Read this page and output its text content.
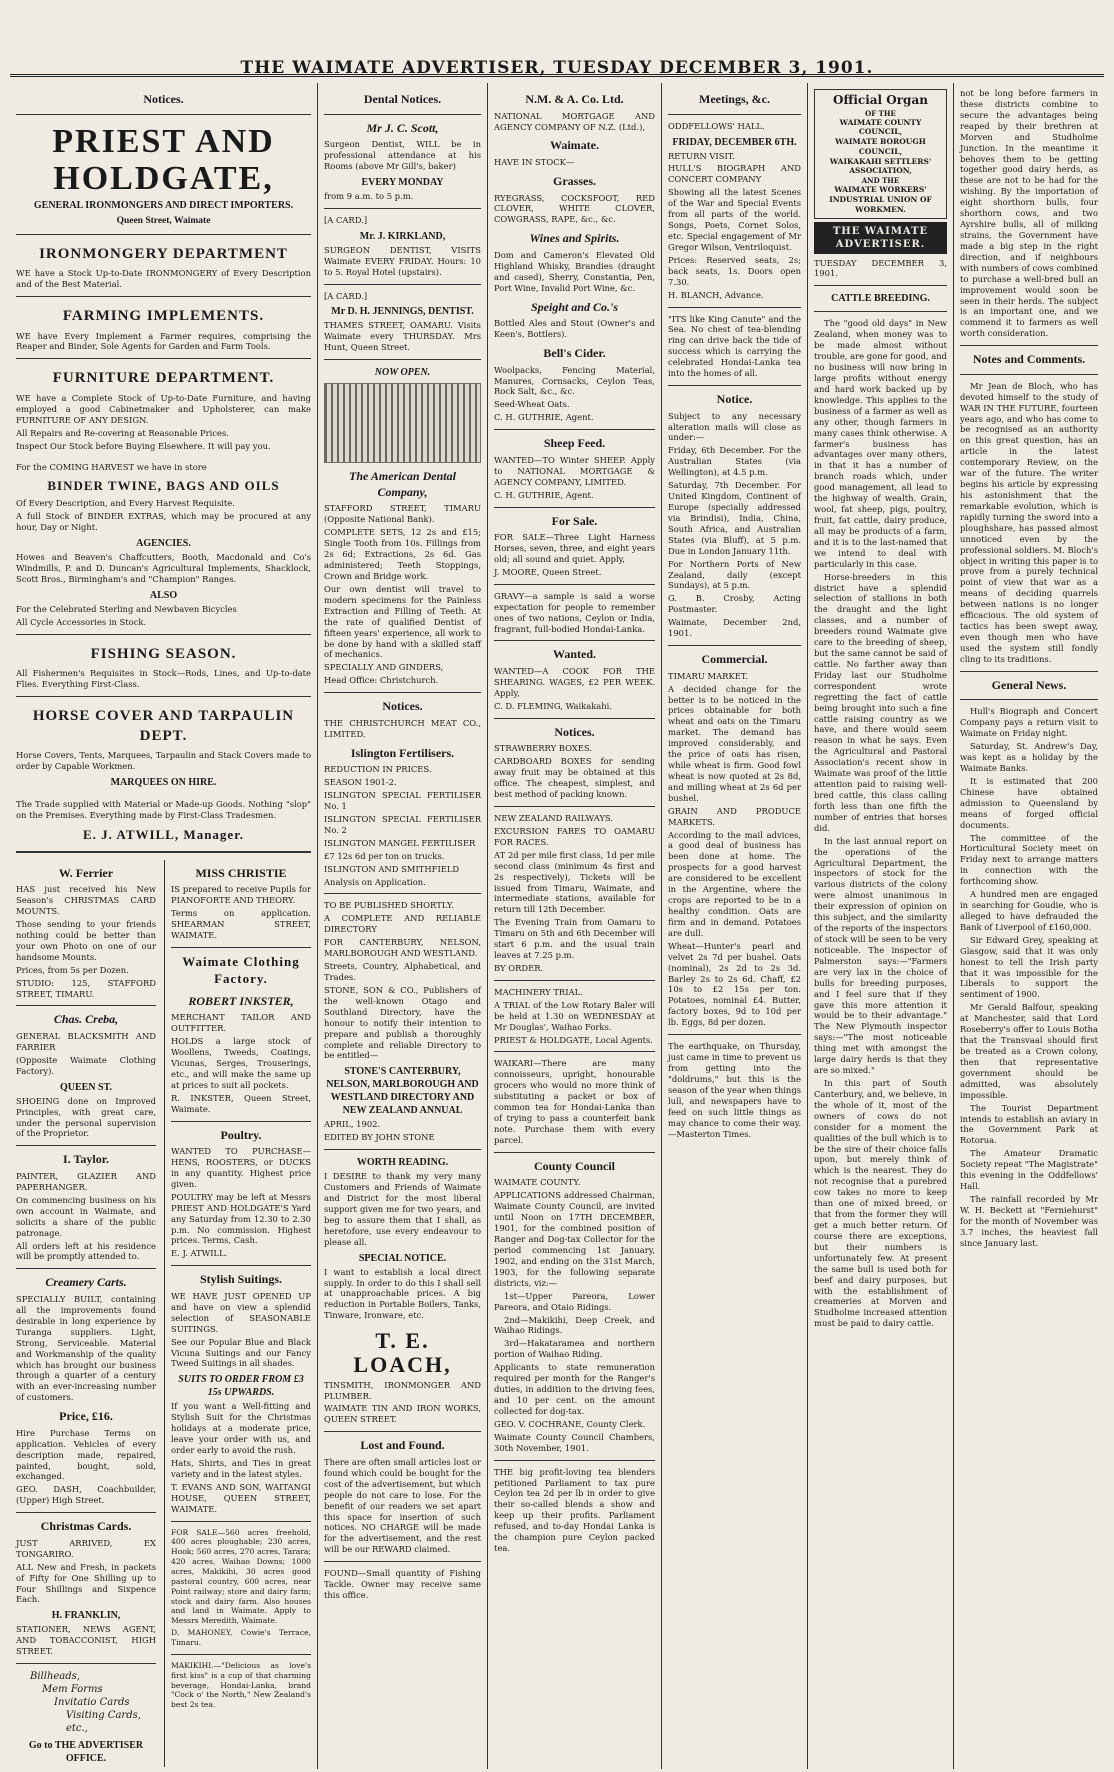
THE WAIMATE ADVERTISER, TUESDAY DECEMBER 3, 1901.
Notices.
PRIEST AND HOLDGATE,
GENERAL IRONMONGERS AND DIRECT IMPORTERS.
Queen Street, Waimate
IRONMONGERY DEPARTMENT
WE have a Stock Up-to-Date IRONMONGERY of Every Description and of the Best Material.
FARMING IMPLEMENTS.
WE have Every Implement a Farmer requires, comprising the Reaper and Binder, Sole Agents for Garden and Farm Tools.
FURNITURE DEPARTMENT.
WE have a Complete Stock of Up-to-Date Furniture, and having employed a good Cabinetmaker and Upholsterer, can make FURNITURE OF ANY DESIGN.
All Repairs and Re-covering at Reasonable Prices.
Inspect Our Stock before Buying Elsewhere. It will pay you.
For the COMING HARVEST we have in store
BINDER TWINE, BAGS AND OILS
Of Every Description, and Every Harvest Requisite.
A full Stock of BINDER EXTRAS, which may be procured at any hour, Day or Night.
AGENCIES.
Howes and Beaven's Chaffcutters, Booth, Macdonald and Co's Windmills, P. and D. Duncan's Agricultural Implements, Shacklock, Scott Bros., Birmingham's and "Champion" Ranges.
ALSO
For the Celebrated Sterling and Newbaven Bicycles
All Cycle Accessories in Stock.
FISHING SEASON.
All Fishermen's Requisites in Stock—Rods, Lines, and Up-to-date Flies. Everything First-Class.
HORSE COVER AND TARPAULIN DEPT.
Horse Covers, Tents, Marquees, Tarpaulin and Stack Covers made to order by Capable Workmen.
MARQUEES ON HIRE.
The Trade supplied with Material or Made-up Goods. Nothing "slop" on the Premises. Everything made by First-Class Tradesmen.
E. J. ATWILL, Manager.
W. Ferrier
HAS just received his New Season's CHRISTMAS CARD MOUNTS.
Those sending to your friends nothing could be better than your own Photo on one of our handsome Mounts.
Prices, from 5s per Dozen.
STUDIO: 125, STAFFORD STREET, TIMARU.
Chas. Creba,
GENERAL BLACKSMITH AND FARRIER
(Opposite Waimate Clothing Factory).
QUEEN ST.
SHOEING done on Improved Principles, with great care, under the personal supervision of the Proprietor.
I. Taylor.
PAINTER, GLAZIER AND PAPERHANGER.
On commencing business on his own account in Waimate, and solicits a share of the public patronage.
All orders left at his residence will be promptly attended to.
Creamery Carts.
SPECIALLY BUILT, containing all the improvements found desirable in long experience by Turanga suppliers. Light, Strong, Serviceable. Material and Workmanship of the quality which has brought our business through a quarter of a century with an ever-increasing number of customers.
Price, £16.
Hire Purchase Terms on application. Vehicles of every description made, repaired, painted, bought, sold, exchanged.
GEO. DASH, Coachbuilder, (Upper) High Street.
Christmas Cards.
JUST ARRIVED, EX TONGARIRO.
ALL New and Fresh, in packets of Fifty for One Shilling up to Four Shillings and Sixpence Each.
H. FRANKLIN,
STATIONER, NEWS AGENT, AND TOBACCONIST, HIGH STREET.
Billheads,
Mem Forms
Invitatio Cards
Visiting Cards, etc.,
Go to THE ADVERTISER OFFICE.
MISS CHRISTIE
IS prepared to receive Pupils for PIANOFORTE AND THEORY.
Terms on application. SHEARMAN STREET, WAIMATE.
Waimate Clothing Factory.
ROBERT INKSTER,
MERCHANT TAILOR AND OUTFITTER.
HOLDS a large stock of Woollens, Tweeds, Coatings, Vicunas, Serges, Trouserings, etc., and will make the same up at prices to suit all pockets.
R. INKSTER, Queen Street, Waimate.
Poultry.
WANTED TO PURCHASE—HENS, ROOSTERS, or DUCKS in any quantity. Highest price given.
POULTRY may be left at Messrs PRIEST AND HOLDGATE'S Yard any Saturday from 12.30 to 2.30 p.m. No commission. Highest prices. Terms, Cash.
E. J. ATWILL.
Stylish Suitings.
WE HAVE JUST OPENED UP and have on view a splendid selection of SEASONABLE SUITINGS.
See our Popular Blue and Black Vicuna Suitings and our Fancy Tweed Suitings in all shades.
SUITS TO ORDER FROM £3 15s UPWARDS.
If you want a Well-fitting and Stylish Suit for the Christmas holidays at a moderate price, leave your order with us, and order early to avoid the rush.
Hats, Shirts, and Ties in great variety and in the latest styles.
T. EVANS AND SON, WAITANGI HOUSE, QUEEN STREET, WAIMATE.
FOR SALE—560 acres freehold, 400 acres ploughable; 230 acres, Hook; 560 acres, 270 acres, Tarara; 420 acres, Waihao Downs; 1000 acres, Makikihi, 30 acres good pastoral country, 600 acres, near Point railway; store and dairy farm; stock and dairy farm. Also houses and land in Waimate. Apply to Messrs Meredith, Waimate.
D. MAHONEY, Cowie's Terrace, Timaru.
MAKIKIHI.—"Delicious as love's first kiss" is a cup of that charming beverage, Hondai-Lanka, brand "Cock o' the North," New Zealand's best 2s tea.
Dental Notices.
Mr J. C. Scott,
Surgeon Dentist, WILL be in professional attendance at his Rooms (above Mr Gill's, baker)
EVERY MONDAY
from 9 a.m. to 5 p.m.
[A CARD.]
Mr. J. KIRKLAND,
SURGEON DENTIST, VISITS Waimate EVERY FRIDAY. Hours: 10 to 5. Royal Hotel (upstairs).
[A CARD.]
Mr D. H. JENNINGS, DENTIST.
THAMES STREET, OAMARU. Visits Waimate every THURSDAY. Mrs Hunt, Queen Street.
NOW OPEN.
The American Dental Company,
STAFFORD STREET, TIMARU (Opposite National Bank).
COMPLETE SETS, 12 2s and £15; Single Tooth from 10s. Fillings from 2s 6d; Extractions, 2s 6d. Gas administered; Teeth Stoppings, Crown and Bridge work.
Our own dentist will travel to modern specimens for the Painless Extraction and Filling of Teeth. At the rate of qualified Dentist of fifteen years' experience, all work to be done by hand with a skilled staff of mechanics.
SPECIALLY AND GINDERS,
Head Office: Christchurch.
Notices.
THE CHRISTCHURCH MEAT CO., LIMITED.
Islington Fertilisers.
REDUCTION IN PRICES.
SEASON 1901-2.
ISLINGTON SPECIAL FERTILISER No. 1
ISLINGTON SPECIAL FERTILISER No. 2
ISLINGTON MANGEL FERTILISER
£7 12s 6d per ton on trucks.
ISLINGTON AND SMITHFIELD
Analysis on Application.
TO BE PUBLISHED SHORTLY.
A COMPLETE AND RELIABLE DIRECTORY
FOR CANTERBURY, NELSON, MARLBOROUGH AND WESTLAND.
Streets, Country, Alphabetical, and Trades.
STONE, SON & CO., Publishers of the well-known Otago and Southland Directory, have the honour to notify their intention to prepare and publish a thoroughly complete and reliable Directory to be entitled—
STONE'S CANTERBURY, NELSON, MARLBOROUGH AND WESTLAND DIRECTORY AND NEW ZEALAND ANNUAL
APRIL, 1902.
EDITED BY JOHN STONE
WORTH READING.
I DESIRE to thank my very many Customers and Friends of Waimate and District for the most liberal support given me for two years, and beg to assure them that I shall, as heretofore, use every endeavour to please all.
SPECIAL NOTICE.
I want to establish a local direct supply. In order to do this I shall sell at unapproachable prices. A big reduction in Portable Boilers, Tanks, Tinware, Ironware, etc.
T. E. LOACH,
TINSMITH, IRONMONGER AND PLUMBER.
WAIMATE TIN AND IRON WORKS, QUEEN STREET.
Lost and Found.
There are often small articles lost or found which could be bought for the cost of the advertisement, but which people do not care to lose. For the benefit of our readers we set apart this space for insertion of such notices. NO CHARGE will be made for the advertisement, and the rest will be our REWARD claimed.
FOUND—Small quantity of Fishing Tackle. Owner may receive same this office.
N.M. & A. Co. Ltd.
NATIONAL MORTGAGE AND AGENCY COMPANY OF N.Z. (Ltd.),
Waimate.
HAVE IN STOCK—
Grasses.
RYEGRASS, COCKSFOOT, RED CLOVER, WHITE CLOVER, COWGRASS, RAPE, &c., &c.
Wines and Spirits.
Dom and Cameron's Elevated Old Highland Whisky, Brandies (draught and cased), Sherry, Constantia, Pen, Port Wine, Invalid Port Wine, &c.
Speight and Co.'s
Bottled Ales and Stout (Owner's and Keen's, Bottlers).
Bell's Cider.
Woolpacks, Fencing Material, Manures, Cornsacks, Ceylon Teas, Rock Salt, &c., &c.
Seed-Wheat Oats.
C. H. GUTHRIE, Agent.
Sheep Feed.
WANTED—TO Winter SHEEP. Apply to NATIONAL MORTGAGE & AGENCY COMPANY, LIMITED.
C. H. GUTHRIE, Agent.
For Sale.
FOR SALE—Three Light Harness Horses, seven, three, and eight years old; all sound and quiet. Apply,
J. MOORE, Queen Street.
GRAVY—a sample is said a worse expectation for people to remember ones of two nations, Ceylon or India, fragrant, full-bodied Hondai-Lanka.
Wanted.
WANTED—A COOK FOR THE SHEARING. WAGES, £2 PER WEEK. Apply,
C. D. FLEMING, Waikakahi.
Notices.
STRAWBERRY BOXES.
CARDBOARD BOXES for sending away fruit may be obtained at this office. The cheapest, simplest, and best method of packing known.
NEW ZEALAND RAILWAYS.
EXCURSION FARES TO OAMARU FOR RACES.
AT 2d per mile first class, 1d per mile second class (minimum 4s first and 2s respectively), Tickets will be issued from Timaru, Waimate, and intermediate stations, available for return till 12th December.
The Evening Train from Oamaru to Timaru on 5th and 6th December will start 6 p.m. and the usual train leaves at 7.25 p.m.
BY ORDER.
MACHINERY TRIAL.
A TRIAL of the Low Rotary Baler will be held at 1.30 on WEDNESDAY at Mr Douglas', Waihao Forks.
PRIEST & HOLDGATE, Local Agents.
WAIKARI—There are many connoisseurs, upright, honourable grocers who would no more think of substituting a packet or box of common tea for Hondai-Lanka than of trying to pass a counterfeit bank note. Purchase them with every parcel.
County Council
WAIMATE COUNTY.
APPLICATIONS addressed Chairman, Waimate County Council, are invited until Noon on 17TH DECEMBER, 1901, for the combined position of Ranger and Dog-tax Collector for the period commencing 1st January, 1902, and ending on the 31st March, 1903, for the following separate districts, viz:—
1st—Upper Pareora, Lower Pareora, and Otaio Ridings.
2nd—Makikihi, Deep Creek, and Waihao Ridings.
3rd—Hakataramea and northern portion of Waihao Riding.
Applicants to state remuneration required per month for the Ranger's duties, in addition to the driving fees, and 10 per cent. on the amount collected for dog-tax.
GEO. V. COCHRANE, County Clerk.
Waimate County Council Chambers, 30th November, 1901.
THE big profit-loving tea blenders petitioned Parliament to tax pure Ceylon tea 2d per lb in order to give their so-called blends a show and keep up their profits. Parliament refused, and to-day Hondai Lanka is the champion pure Ceylon packed tea.
Meetings, &c.
ODDFELLOWS' HALL.
FRIDAY, DECEMBER 6TH.
RETURN VISIT.
HULL'S BIOGRAPH AND CONCERT COMPANY
Showing all the latest Scenes of the War and Special Events from all parts of the world. Songs, Poets, Cornet Solos, etc. Special engagement of Mr Gregor Wilson, Ventriloquist.
Prices: Reserved seats, 2s; back seats, 1s. Doors open 7.30.
H. BLANCH, Advance.
"ITS like King Canute" and the Sea. No chest of tea-blending ring can drive back the tide of success which is carrying the celebrated Hondai-Lanka tea into the homes of all.
Notice.
Subject to any necessary alteration mails will close as under:—
Friday, 6th December. For the Australian States (via Wellington), at 4.5 p.m.
Saturday, 7th December. For United Kingdom, Continent of Europe (specially addressed via Brindisi), India, China, South Africa, and Australian States (via Bluff), at 5 p.m. Due in London January 11th.
For Northern Ports of New Zealand, daily (except Sundays), at 5 p.m.
G. B. Crosby, Acting Postmaster.
Waimate, December 2nd, 1901.
Commercial.
TIMARU MARKET.
A decided change for the better is to be noticed in the prices obtainable for both wheat and oats on the Timaru market. The demand has improved considerably, and the price of oats has risen, while wheat is firm. Good fowl wheat is now quoted at 2s 8d, and milling wheat at 2s 6d per bushel.
GRAIN AND PRODUCE MARKETS.
According to the mail advices, a good deal of business has been done at home. The prospects for a good harvest are considered to be excellent in the Argentine, where the crops are reported to be in a healthy condition. Oats are firm and in demand. Potatoes are dull.
Wheat—Hunter's pearl and velvet 2s 7d per bushel. Oats (nominal), 2s 2d to 2s 3d. Barley 2s to 2s 6d. Chaff, £2 10s to £2 15s per ton. Potatoes, nominal £4. Butter, factory boxes, 9d to 10d per lb. Eggs, 8d per dozen.
The earthquake, on Thursday, just came in time to prevent us from getting into the "doldrums," but this is the season of the year when things lull, and newspapers have to feed on such little things as may chance to come their way.—Masterton Times.
Official Organ
OF THE
WAIMATE COUNTY COUNCIL,
WAIMATE BOROUGH COUNCIL,
WAIKAKAHI SETTLERS' ASSOCIATION,
AND THE
WAIMATE WORKERS' INDUSTRIAL UNION OF WORKMEN.
THE WAIMATE ADVERTISER.
TUESDAY DECEMBER 3, 1901.
CATTLE BREEDING.
The "good old days" in New Zealand, when money was to be made almost without trouble, are gone for good, and no business will now bring in large profits without energy and hard work backed up by knowledge. This applies to the business of a farmer as well as any other, though farmers in many cases think otherwise. A farmer's business has advantages over many others, in that it has a number of branch roads which, under good management, all lead to the highway of wealth. Grain, wool, fat sheep, pigs, poultry, fruit, fat cattle, dairy produce, all may be products of a farm, and it is to the last-named that we intend to deal with particularly in this case.
Horse-breeders in this district have a splendid selection of stallions in both the draught and the light classes, and a number of breeders round Waimate give care to the breeding of sheep, but the same cannot be said of cattle. No farther away than Friday last our Studholme correspondent wrote regretting the fact of cattle being brought into such a fine cattle raising country as we have, and there would seem reason in what he says. Even the Agricultural and Pastoral Association's recent show in Waimate was proof of the little attention paid to raising well-bred cattle, this class calling forth less than one fifth the number of entries that horses did.
In the last annual report on the operations of the Agricultural Department, the inspectors of stock for the various districts of the colony were almost unanimous in their expression of opinion on this subject, and the similarity of the reports of the inspectors of stock will be seen to be very noticeable. The inspector of Palmerston says:—"Farmers are very lax in the choice of bulls for breeding purposes, and I feel sure that if they gave this more attention it would be to their advantage." The New Plymouth inspector says:—"The most noticeable thing met with amongst the large dairy herds is that they are so mixed."
In this part of South Canterbury, and, we believe, in the whole of it, most of the owners of cows do not consider for a moment the qualities of the bull which is to be the sire of their choice falls upon, but merely think of which is the nearest. They do not recognise that a purebred cow takes no more to keep than one of mixed breed, or that from the former they will get a much better return. Of course there are exceptions, but their numbers is unfortunately few. At present the same bull is used both for beef and dairy purposes, but with the establishment of creameries at Morven and Studholme increased attention must be paid to dairy cattle.
not be long before farmers in these districts combine to secure the advantages being reaped by their brethren at Morven and Studholme Junction. In the meantime it behoves them to be getting together good dairy herds, as these are not to be had for the wishing. By the importation of eight shorthorn bulls, four shorthorn cows, and two Ayrshire bulls, all of milking strains, the Government have made a big step in the right direction, and if neighbours with numbers of cows combined to purchase a well-bred bull an improvement would soon be seen in their herds. The subject is an important one, and we commend it to farmers as well worth consideration.
Notes and Comments.
Mr Jean de Bloch, who has devoted himself to the study of WAR IN THE FUTURE, fourteen years ago, and who has come to be recognised as an authority on this great question, has an article in the latest contemporary Review, on the war of the future. The writer begins his article by expressing his astonishment that the remarkable evolution, which is rapidly turning the sword into a ploughshare, has passed almost unnoticed even by the professional soldiers. M. Bloch's object in writing this paper is to prove from a purely technical point of view that war as a means of deciding quarrels between nations is no longer efficacious. The old system of tactics has been swept away, even though men who have used the system still fondly cling to its traditions.
General News.
Hull's Biograph and Concert Company pays a return visit to Waimate on Friday night.
Saturday, St. Andrew's Day, was kept as a holiday by the Waimate Banks.
It is estimated that 200 Chinese have obtained admission to Queensland by means of forged official documents.
The committee of the Horticultural Society meet on Friday next to arrange matters in connection with the forthcoming show.
A hundred men are engaged in searching for Goudie, who is alleged to have defrauded the Bank of Liverpool of £160,000.
Sir Edward Grey, speaking at Glasgow, said that it was only honest to tell the Irish party that it was impossible for the Liberals to support the sentiment of 1900.
Mr Gerald Balfour, speaking at Manchester, said that Lord Roseberry's offer to Louis Botha that the Transvaal should first be treated as a Crown colony, then that representative government should be admitted, was absolutely impossible.
The Tourist Department intends to establish an aviary in the Government Park at Rotorua.
The Amateur Dramatic Society repeat "The Magistrate" this evening in the Oddfellows' Hall.
The rainfall recorded by Mr W. H. Beckett at "Ferniehurst" for the month of November was 3.7 inches, the heaviest fall since January last.
